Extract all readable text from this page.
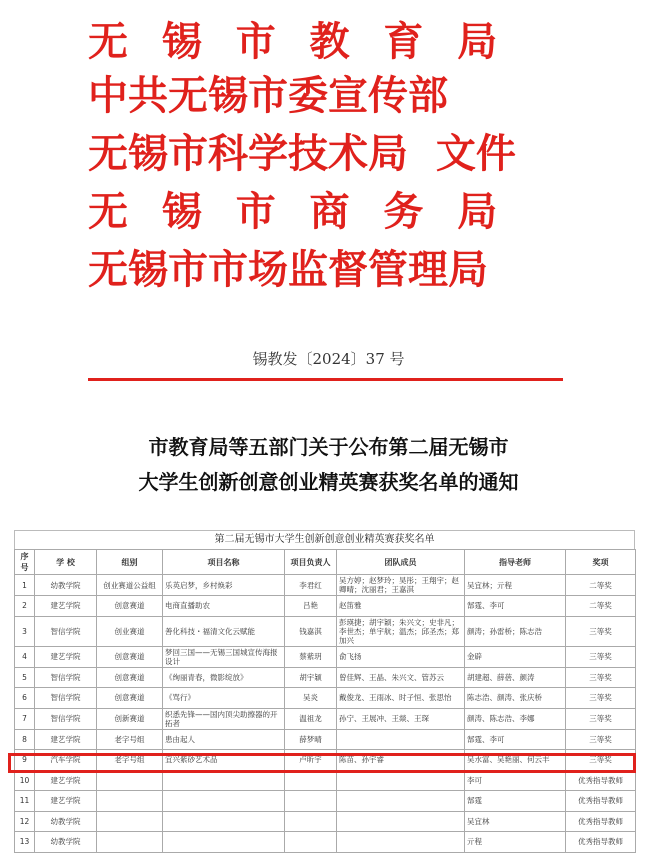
无  锡  市  教  育  局
中共无锡市委宣传部
无锡市科学技术局  文件
无  锡  市  商  务  局
无锡市市场监督管理局
锡教发〔2024〕37 号
市教育局等五部门关于公布第二届无锡市
大学生创新创意创业精英赛获奖名单的通知
第二届无锡市大学生创新创意创业精英赛获奖名单
序号	学 校	组别	项目名称	项目负责人	团队成员	指导老师	奖项
1	幼教学院	创业赛道公益组	乐英启梦，乡村焕彩	李君红	吴方婷；赵梦玲；昊彤；王翔宇；赵卿晴；沈丽君；王嘉淇	吴宜林；亓程	二等奖
2	建艺学院	创意赛道	电商直播助农	吕艳	赵笛雅	郜霆、李可	二等奖
3	智信学院	创业赛道	善化科技・福清文化云赋能	钱嘉淇	彭瑛捷；胡宇颖；朱兴文；史非凡；李世杰；单宇航；温杰；邱圣杰；郑加兴	颜涛；孙雷桥；陈志浩	三等奖
4	建艺学院	创意赛道	梦回三国——无锡三国城宣传海报设计	蔡紫玥	俞飞扬	金辟	三等奖
5	智信学院	创意赛道	《绚丽青春，微影绽放》	胡宇颖	曾佳辉、王晶、朱兴文、管苏云	胡建超、薛蓓、颜涛	三等奖
6	智信学院	创意赛道	《骂行》	吴炎	戴俊龙、王雨冰、时子恒、张思怡	陈志浩、颜涛、张庆桥	三等奖
7	智信学院	创新赛道	织悉先锋——国内顶尖助擦器的开拓者	温祖龙	孙宁、王展冲、王燚、王琛	颜涛、陈志浩、李娜	三等奖
8	建艺学院	老字号组	患由起人	薛梦晴		郜霆、李可	三等奖
9	汽车学院	老字号组	宜兴紫砂艺术品	卢昕宇	陈苗、孙宇睿	吴水富、吴艳丽、何云丰	三等奖
10	建艺学院					李可	优秀指导教师
11	建艺学院					郜霆	优秀指导教师
12	幼教学院					吴宜林	优秀指导教师
13	幼教学院					亓程	优秀指导教师
